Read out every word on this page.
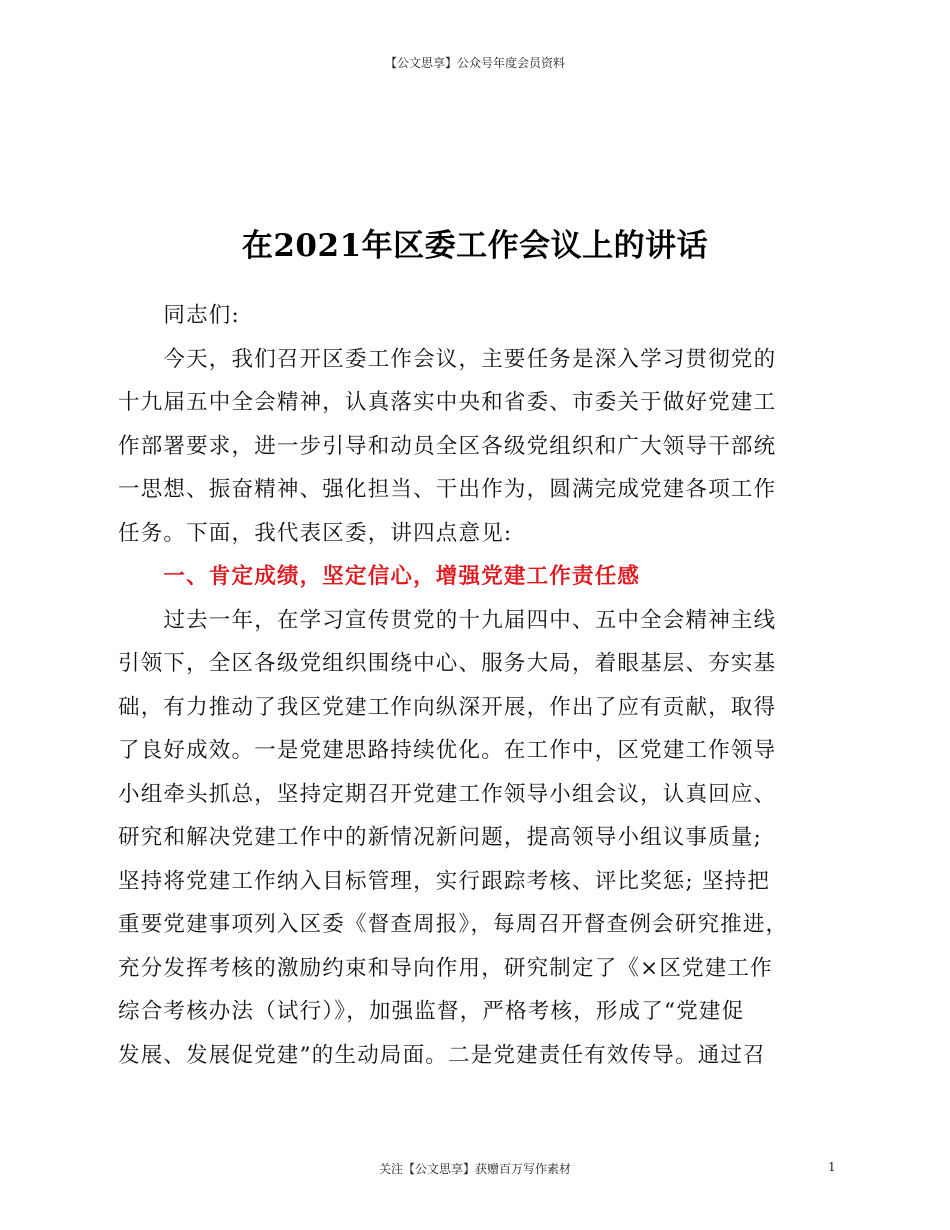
【公文思享】公众号年度会员资料
在2021年区委工作会议上的讲话
　　同志们:
　　今天，我们召开区委工作会议，主要任务是深入学习贯彻党的
十九届五中全会精神，认真落实中央和省委、市委关于做好党建工
作部署要求，进一步引导和动员全区各级党组织和广大领导干部统
一思想、振奋精神、强化担当、干出作为，圆满完成党建各项工作
任务。下面，我代表区委，讲四点意见:
　　一、肯定成绩，坚定信心，增强党建工作责任感
　　过去一年，在学习宣传贯党的十九届四中、五中全会精神主线
引领下，全区各级党组织围绕中心、服务大局，着眼基层、夯实基
础，有力推动了我区党建工作向纵深开展，作出了应有贡献，取得
了良好成效。一是党建思路持续优化。在工作中，区党建工作领导
小组牵头抓总，坚持定期召开党建工作领导小组会议，认真回应、
研究和解决党建工作中的新情况新问题，提高领导小组议事质量;
坚持将党建工作纳入目标管理，实行跟踪考核、评比奖惩; 坚持把
重要党建事项列入区委《督查周报》，每周召开督查例会研究推进，
充分发挥考核的激励约束和导向作用，研究制定了《×区党建工作
综合考核办法（试行）》，加强监督，严格考核，形成了“党建促
发展、发展促党建”的生动局面。二是党建责任有效传导。通过召
关注【公文思享】获赠百万写作素材	1
